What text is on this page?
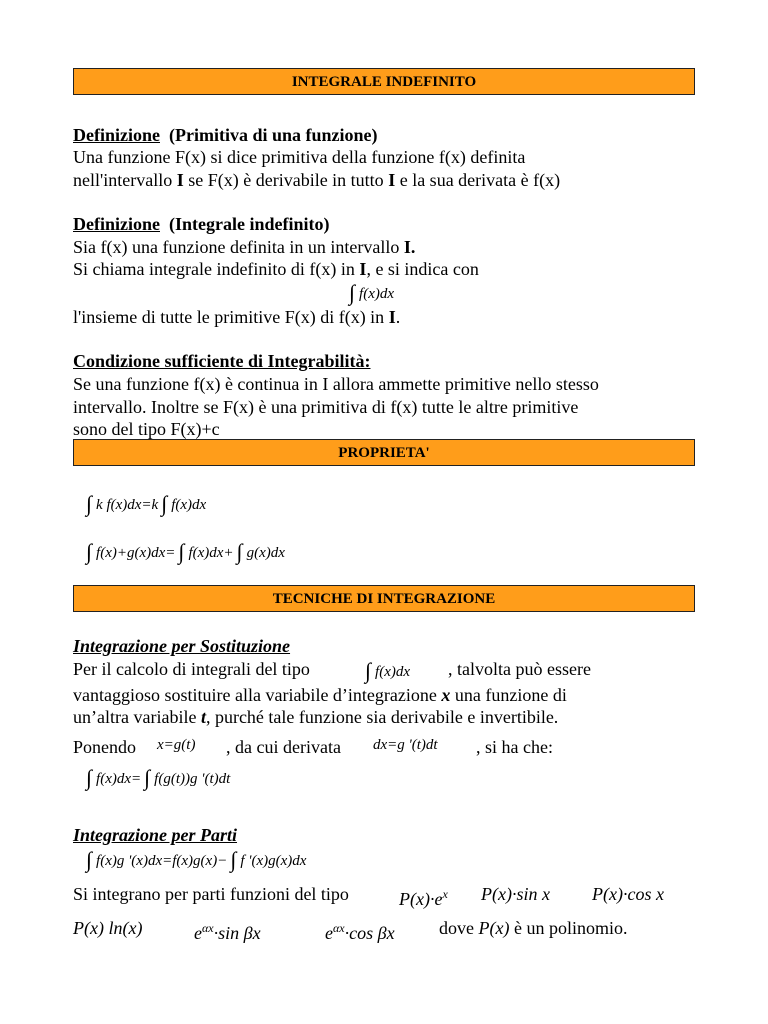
INTEGRALE INDEFINITO
Definizione (Primitiva di una funzione)
Una funzione F(x) si dice primitiva della funzione f(x) definita
nell'intervallo I se F(x) è derivabile in tutto I e la sua derivata è f(x)
Definizione (Integrale indefinito)
Sia f(x) una funzione definita in un intervallo I.
Si chiama integrale indefinito di f(x) in I, e si indica con
∫ f(x)dx
l'insieme di tutte le primitive F(x) di f(x) in I.
Condizione sufficiente di Integrabilità:
Se una funzione f(x) è continua in I allora ammette primitive nello stesso
intervallo. Inoltre se F(x) è una primitiva di f(x) tutte le altre primitive
sono del tipo F(x)+c
PROPRIETA'
∫ k f(x)dx=k ∫ f(x)dx
∫ f(x)+g(x)dx= ∫ f(x)dx+ ∫ g(x)dx
TECNICHE DI INTEGRAZIONE
Integrazione per Sostituzione
Per il calcolo di integrali del tipo	∫ f(x)dx , talvolta può essere
vantaggioso sostituire alla variabile d’integrazione x una funzione di
un’altra variabile t, purché tale funzione sia derivabile e invertibile.
Ponendo x=g(t) , da cui derivata dx=g '(t)dt , si ha che:
∫ f(x)dx= ∫ f(g(t))g '(t)dt
Integrazione per Parti
∫ f(x)g '(x)dx=f(x)g(x)− ∫ f '(x)g(x)dx
Si integrano per parti funzioni del tipo	$P(x)\cdot e^x$ P(x)·sin x P(x)·cos x
P(x) ln(x)	$e^{\alpha x}\cdot\sin$ βx	$e^{\alpha x}\cdot\cos$ βx dove P(x) è un polinomio.
